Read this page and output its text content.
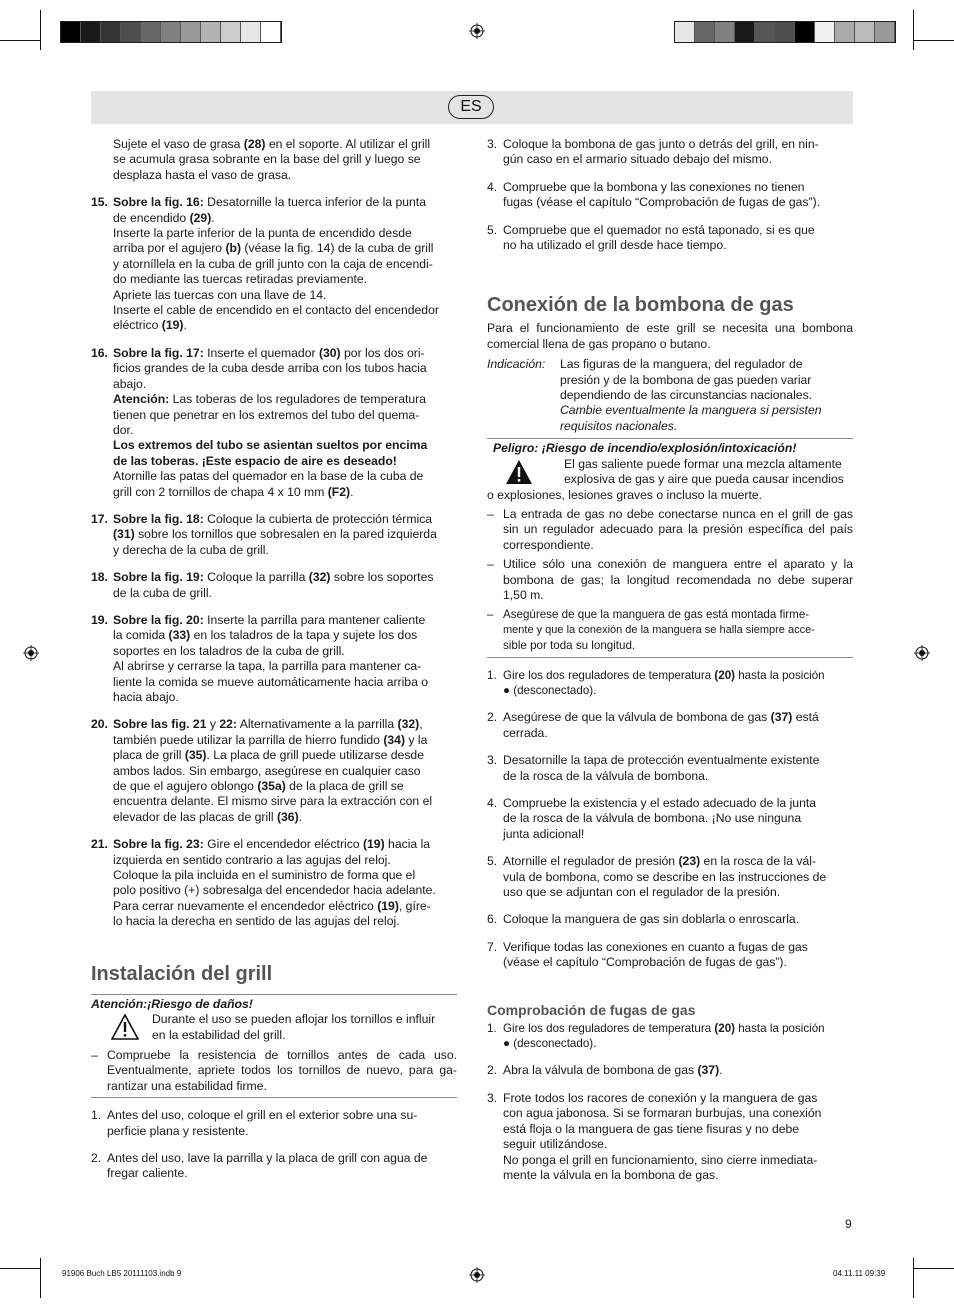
ES
Sujete el vaso de grasa (28) en el soporte. Al utilizar el grill
se acumula grasa sobrante en la base del grill y luego se
desplaza hasta el vaso de grasa.
15. Sobre la fig. 16: Desatornille la tuerca inferior de la punta
de encendido (29).
Inserte la parte inferior de la punta de encendido desde
arriba por el agujero (b) (véase la fig. 14) de la cuba de grill
y atorníllela en la cuba de grill junto con la caja de encendi-
do mediante las tuercas retiradas previamente.
Apriete las tuercas con una llave de 14.
Inserte el cable de encendido en el contacto del encendedor
eléctrico (19).
16. Sobre la fig. 17: Inserte el quemador (30) por los dos ori-
ficios grandes de la cuba desde arriba con los tubos hacia
abajo.
Atención: Las toberas de los reguladores de temperatura
tienen que penetrar en los extremos del tubo del quema-
dor.
Los extremos del tubo se asientan sueltos por encima
de las toberas. ¡Este espacio de aire es deseado!
Atornille las patas del quemador en la base de la cuba de
grill con 2 tornillos de chapa 4 x 10 mm (F2).
17. Sobre la fig. 18: Coloque la cubierta de protección térmica
(31) sobre los tornillos que sobresalen en la pared izquierda
y derecha de la cuba de grill.
18. Sobre la fig. 19: Coloque la parrilla (32) sobre los soportes
de la cuba de grill.
19. Sobre la fig. 20: Inserte la parrilla para mantener caliente
la comida (33) en los taladros de la tapa y sujete los dos
soportes en los taladros de la cuba de grill.
Al abrirse y cerrarse la tapa, la parrilla para mantener ca-
liente la comida se mueve automáticamente hacia arriba o
hacia abajo.
20. Sobre las fig. 21 y 22: Alternativamente a la parrilla (32),
también puede utilizar la parrilla de hierro fundido (34) y la
placa de grill (35). La placa de grill puede utilizarse desde
ambos lados. Sin embargo, asegúrese en cualquier caso
de que el agujero oblongo (35a) de la placa de grill se
encuentra delante. El mismo sirve para la extracción con el
elevador de las placas de grill (36).
21. Sobre la fig. 23: Gire el encendedor eléctrico (19) hacia la
izquierda en sentido contrario a las agujas del reloj.
Coloque la pila incluida en el suministro de forma que el
polo positivo (+) sobresalga del encendedor hacia adelante.
Para cerrar nuevamente el encendedor eléctrico (19), gíre-
lo hacia la derecha en sentido de las agujas del reloj.
Instalación del grill
Atención:¡Riesgo de daños!
Durante el uso se pueden aflojar los tornillos e influir
en la estabilidad del grill.
– Compruebe la resistencia de tornillos antes de cada uso. Eventualmente, apriete todos los tornillos de nuevo, para ga-rantizar una estabilidad firme.
1. Antes del uso, coloque el grill en el exterior sobre una su-
perficie plana y resistente.
2. Antes del uso, lave la parrilla y la placa de grill con agua de
fregar caliente.
3. Coloque la bombona de gas junto o detrás del grill, en nin-
gún caso en el armario situado debajo del mismo.
4. Compruebe que la bombona y las conexiones no tienen
fugas (véase el capítulo “Comprobación de fugas de gas”).
5. Compruebe que el quemador no está taponado, si es que
no ha utilizado el grill desde hace tiempo.
Conexión de la bombona de gas

Para el funcionamiento de este grill se necesita una bombona comercial llena de gas propano o butano.

Indicación:	Las figuras de la manguera, del regulador de
presión y de la bombona de gas pueden variar
dependiendo de las circunstancias nacionales.
Cambie eventualmente la manguera si persisten
requisitos nacionales.
Peligro: ¡Riesgo de incendio/explosión/intoxicación!
El gas saliente puede formar una mezcla altamente
explosiva de gas y aire que pueda causar incendios
o explosiones, lesiones graves o incluso la muerte.
– La entrada de gas no debe conectarse nunca en el grill de gas sin un regulador adecuado para la presión específica del país correspondiente.
– Utilice sólo una conexión de manguera entre el aparato y la bombona de gas; la longitud recomendada no debe superar 1,50 m.
– Asegúrese de que la manguera de gas está montada firme-
mente y que la conexión de la manguera se halla siempre acce-
sible por toda su longitud.
1. Gire los dos reguladores de temperatura (20) hasta la posición
● (desconectado).
2. Asegúrese de que la válvula de bombona de gas (37) está
cerrada.
3. Desatornille la tapa de protección eventualmente existente
de la rosca de la válvula de bombona.
4. Compruebe la existencia y el estado adecuado de la junta
de la rosca de la válvula de bombona. ¡No use ninguna
junta adicional!
5. Atornille el regulador de presión (23) en la rosca de la vál-
vula de bombona, como se describe en las instrucciones de
uso que se adjuntan con el regulador de la presión.
6. Coloque la manguera de gas sin doblarla o enroscarla.
7. Verifique todas las conexiones en cuanto a fugas de gas
(véase el capítulo “Comprobación de fugas de gas”).
Comprobación de fugas de gas
1. Gire los dos reguladores de temperatura (20) hasta la posición
● (desconectado).
2. Abra la válvula de bombona de gas (37).
3. Frote todos los racores de conexión y la manguera de gas
con agua jabonosa. Si se formaran burbujas, una conexión
está floja o la manguera de gas tiene fisuras y no debe
seguir utilizándose.
No ponga el grill en funcionamiento, sino cierre inmediata-
mente la válvula en la bombona de gas.
9
91906 Buch LB5 20111103.indb 9	04.11.11 09:39
